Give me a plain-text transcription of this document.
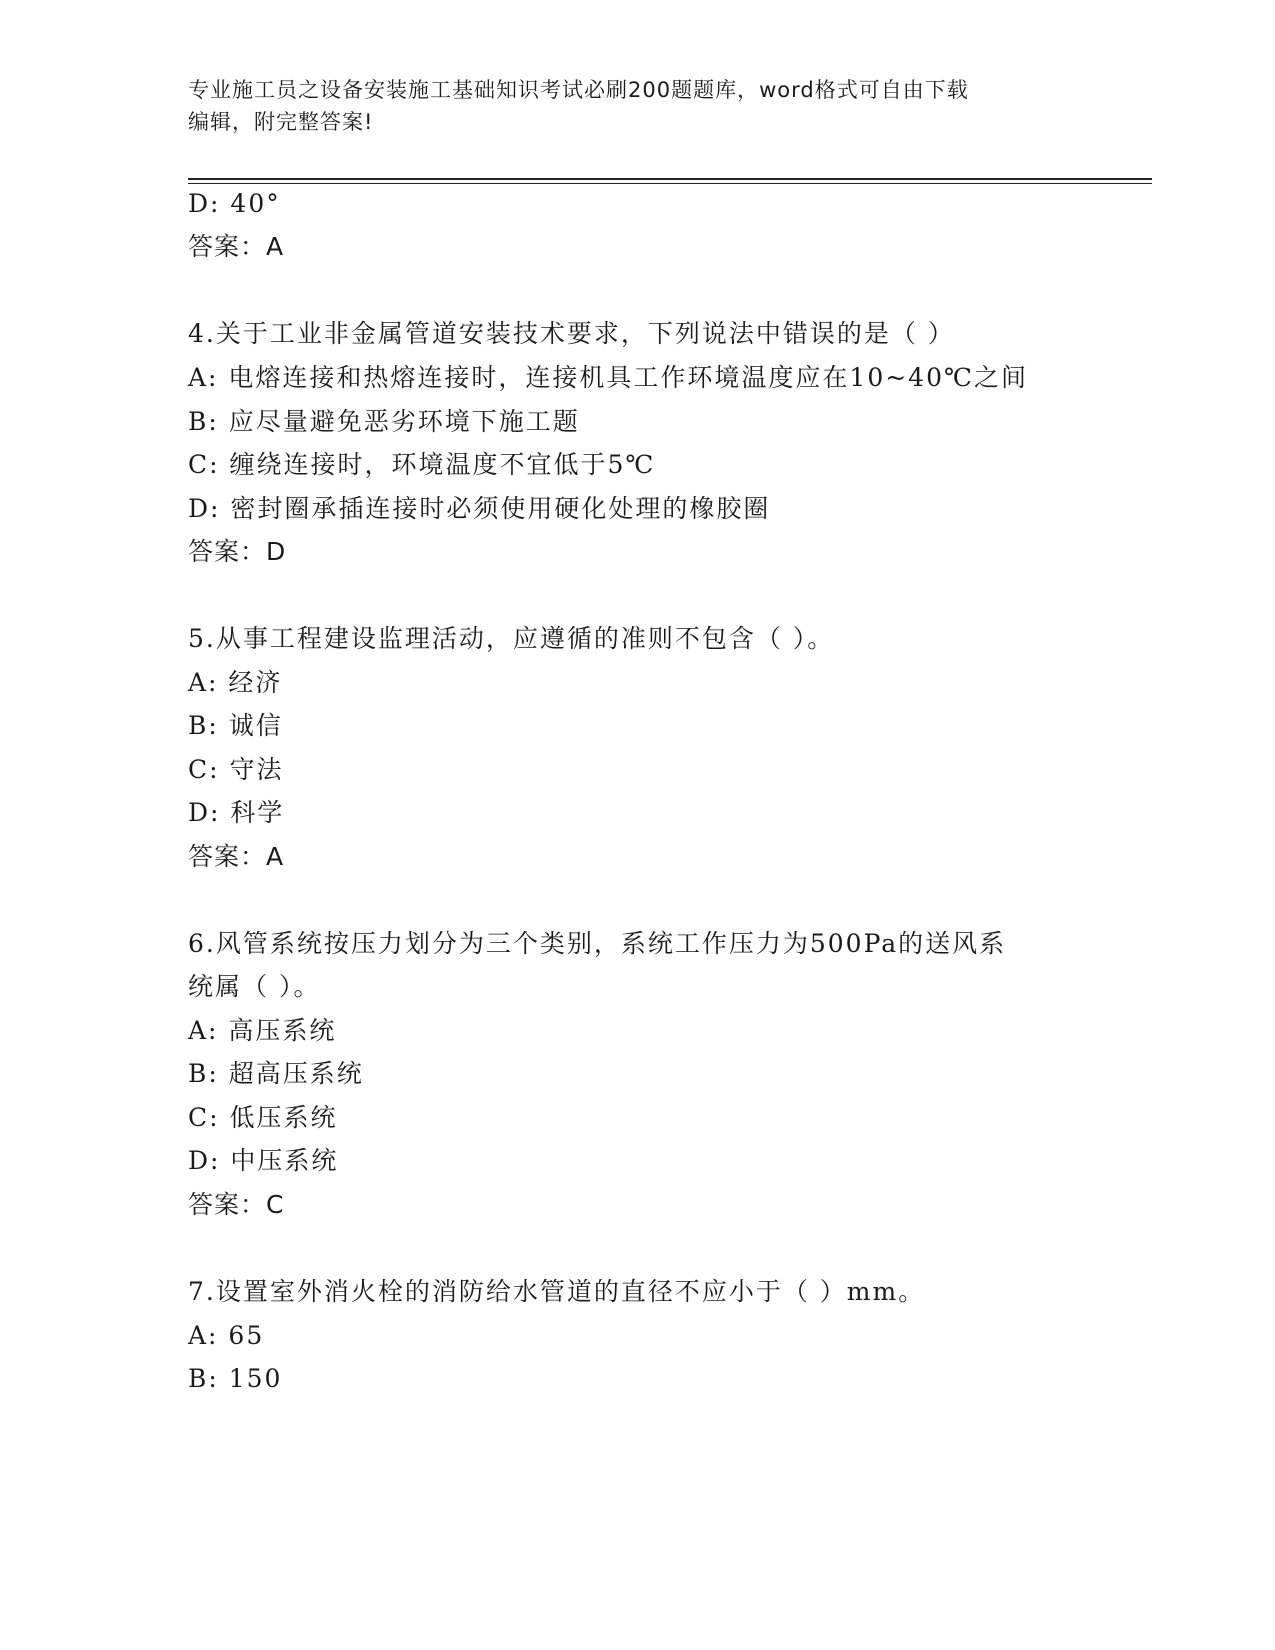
专业施工员之设备安装施工基础知识考试必刷200题题库，word格式可自由下载
编辑，附完整答案!
D: 40°
答案：A
4.关于工业非金属管道安装技术要求，下列说法中错误的是（ ）
A: 电熔连接和热熔连接时，连接机具工作环境温度应在10~40℃之间
B: 应尽量避免恶劣环境下施工题
C: 缠绕连接时，环境温度不宜低于5℃
D: 密封圈承插连接时必须使用硬化处理的橡胶圈
答案：D
5.从事工程建设监理活动，应遵循的准则不包含（ ）。
A: 经济
B: 诚信
C: 守法
D: 科学
答案：A
6.风管系统按压力划分为三个类别，系统工作压力为500Pa的送风系
统属（ ）。
A: 高压系统
B: 超高压系统
C: 低压系统
D: 中压系统
答案：C
7.设置室外消火栓的消防给水管道的直径不应小于（ ）mm。
A: 65
B: 150
